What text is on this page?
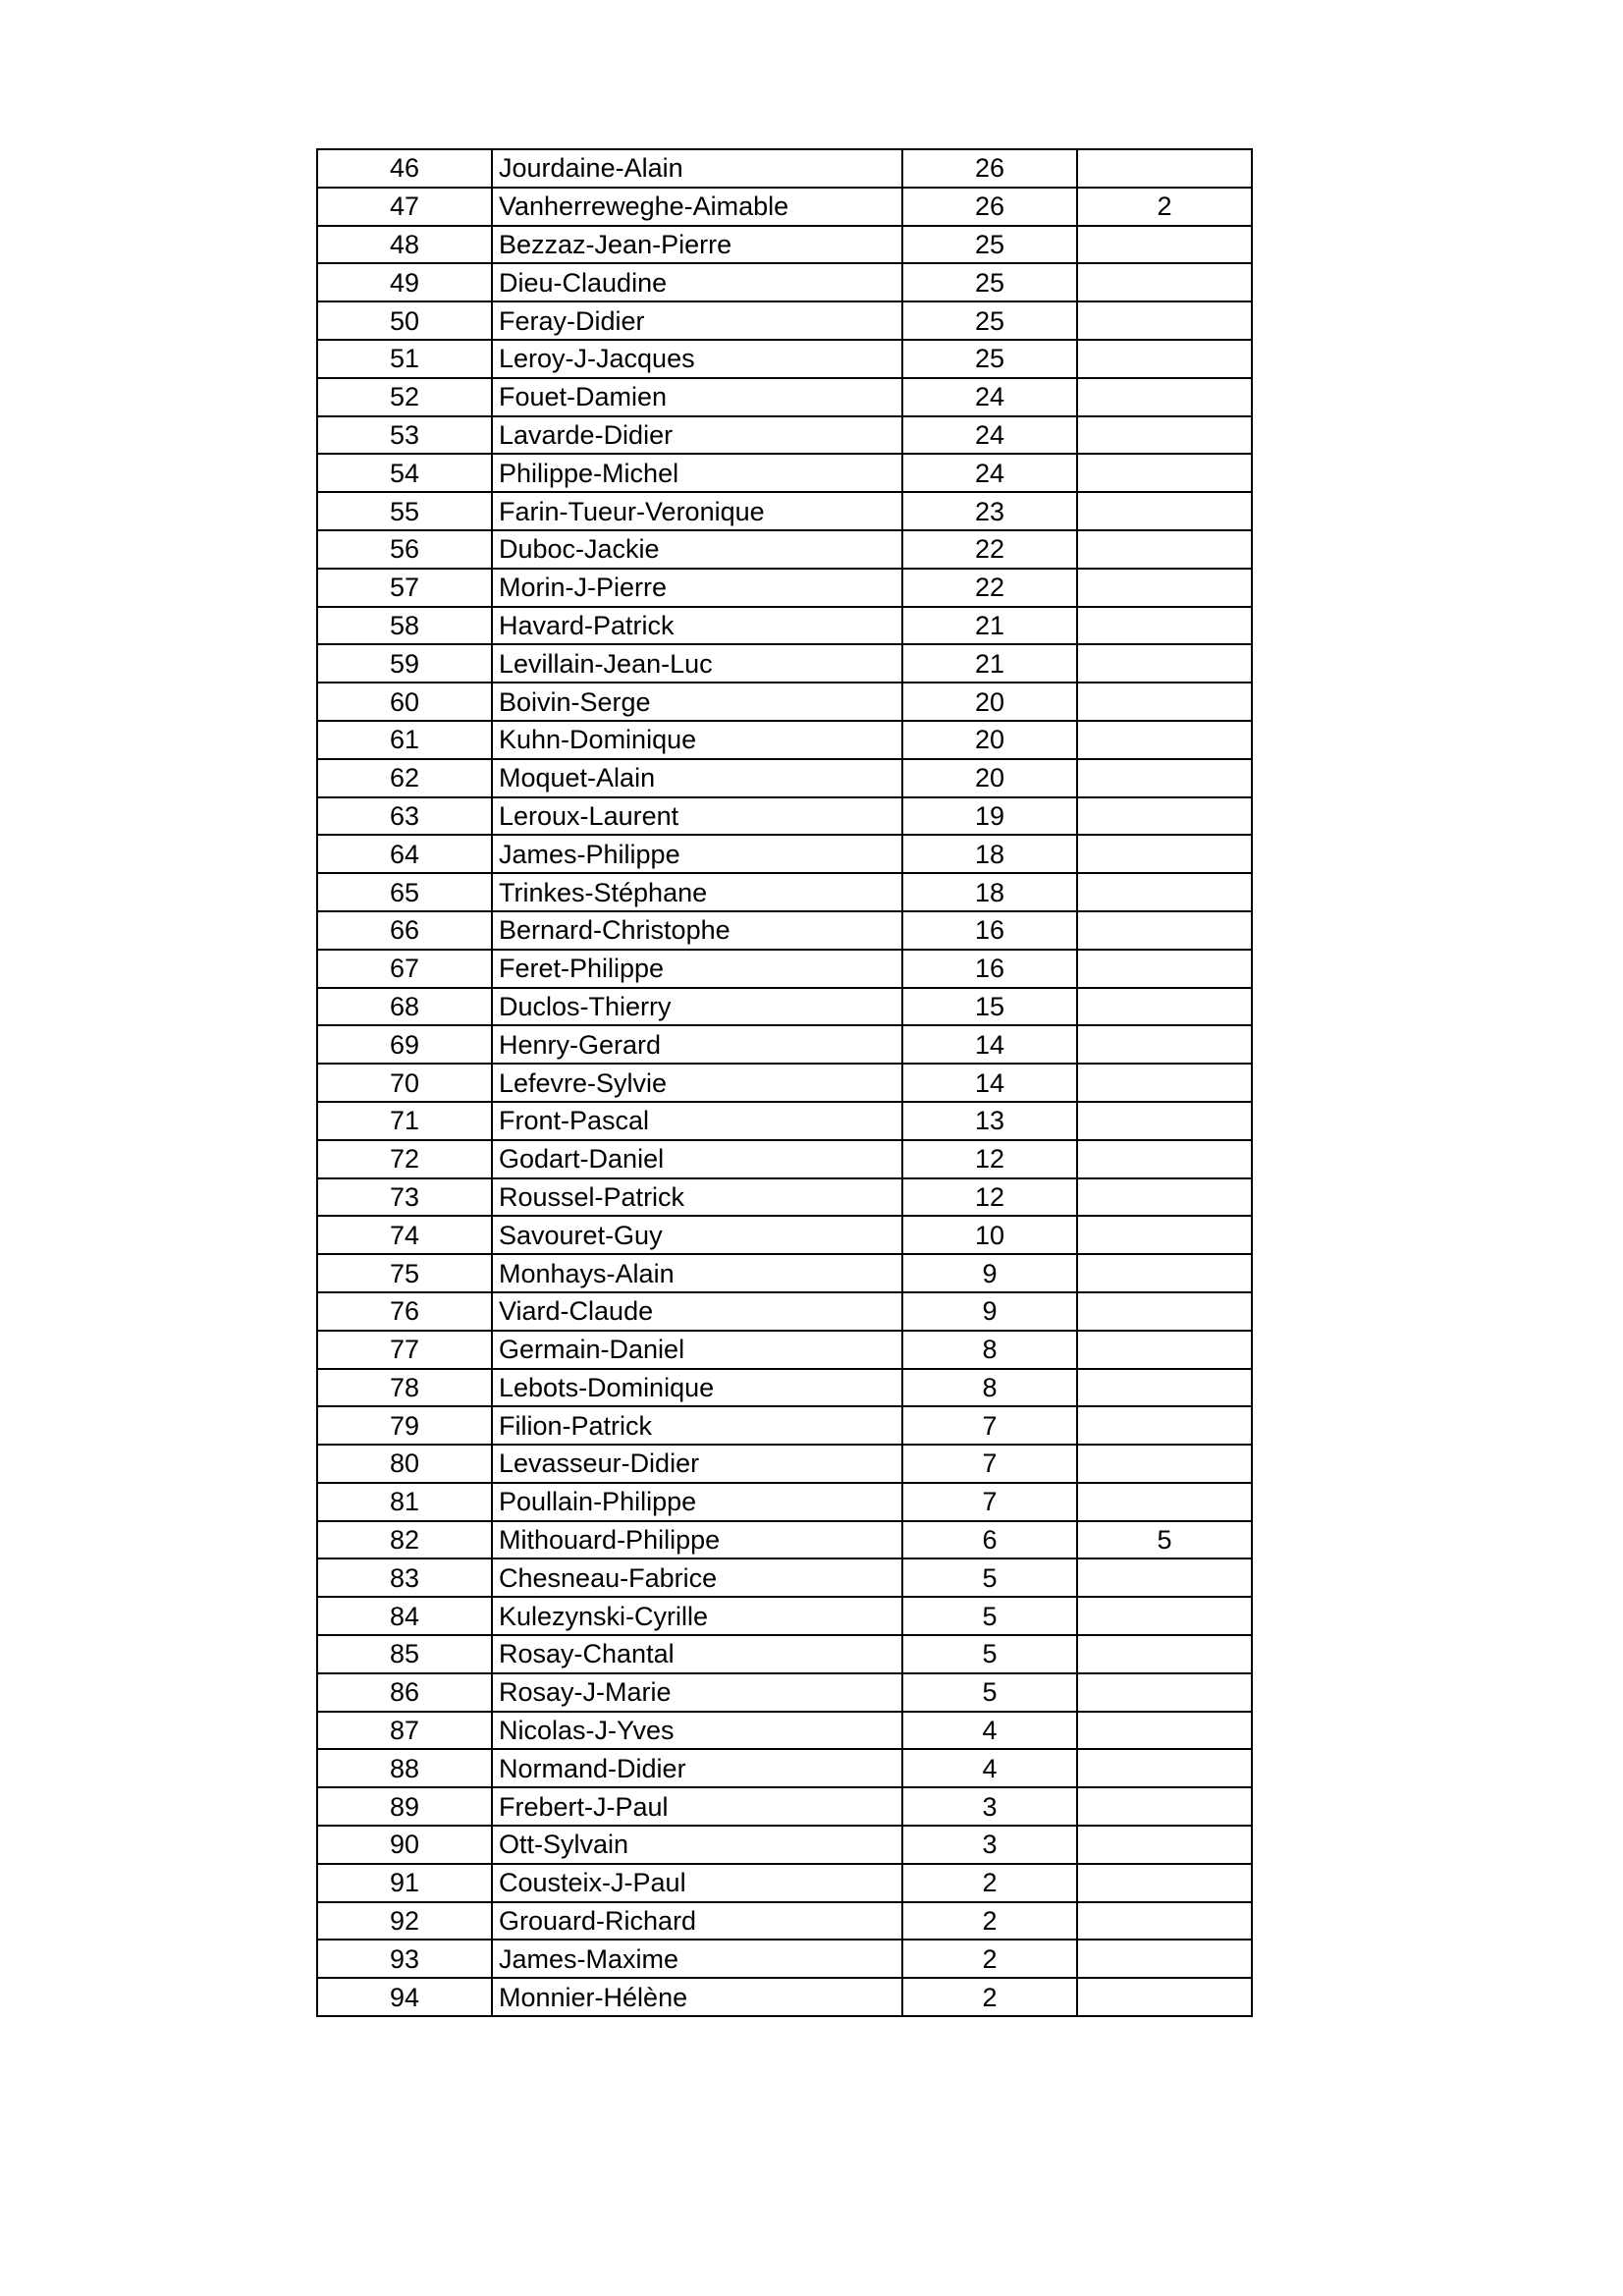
46	Jourdaine-Alain	26	
47	Vanherreweghe-Aimable	26	2
48	Bezzaz-Jean-Pierre	25	
49	Dieu-Claudine	25	
50	Feray-Didier	25	
51	Leroy-J-Jacques	25	
52	Fouet-Damien	24	
53	Lavarde-Didier	24	
54	Philippe-Michel	24	
55	Farin-Tueur-Veronique	23	
56	Duboc-Jackie	22	
57	Morin-J-Pierre	22	
58	Havard-Patrick	21	
59	Levillain-Jean-Luc	21	
60	Boivin-Serge	20	
61	Kuhn-Dominique	20	
62	Moquet-Alain	20	
63	Leroux-Laurent	19	
64	James-Philippe	18	
65	Trinkes-Stéphane	18	
66	Bernard-Christophe	16	
67	Feret-Philippe	16	
68	Duclos-Thierry	15	
69	Henry-Gerard	14	
70	Lefevre-Sylvie	14	
71	Front-Pascal	13	
72	Godart-Daniel	12	
73	Roussel-Patrick	12	
74	Savouret-Guy	10	
75	Monhays-Alain	9	
76	Viard-Claude	9	
77	Germain-Daniel	8	
78	Lebots-Dominique	8	
79	Filion-Patrick	7	
80	Levasseur-Didier	7	
81	Poullain-Philippe	7	
82	Mithouard-Philippe	6	5
83	Chesneau-Fabrice	5	
84	Kulezynski-Cyrille	5	
85	Rosay-Chantal	5	
86	Rosay-J-Marie	5	
87	Nicolas-J-Yves	4	
88	Normand-Didier	4	
89	Frebert-J-Paul	3	
90	Ott-Sylvain	3	
91	Cousteix-J-Paul	2	
92	Grouard-Richard	2	
93	James-Maxime	2	
94	Monnier-Hélène	2	
